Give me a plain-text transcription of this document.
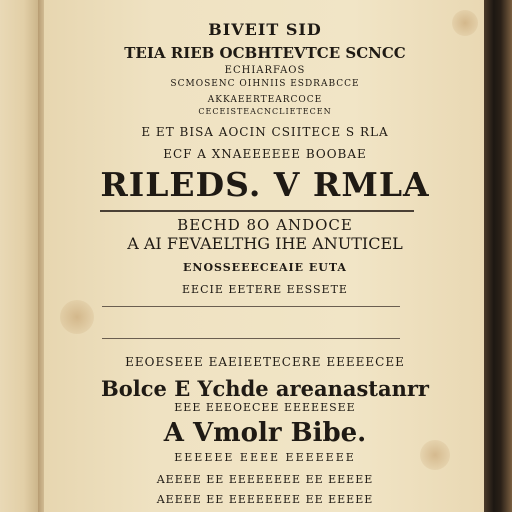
BIVEIT SID
TEIA RIEB OCBHTEVTCE SCNCC
ECHIARFAOS
SCMOSENC OIHNIIS ESDRABCCE
AKKAEERTEARCOCE
CECEISTEACNCLIETECEN
E ET BISA AOCIN CSIITECE S RLA
ECF A XNAEEEEEE BOOBAE
RILEDS. V RMLA
BECHD 8O ANDOCE
A AI FEVAELTHG IHE ANUTICEL
ENOSSEEECEAIE EUTA
EECIE EETERE EESSETE
EEOESEEE EAEIEETECERE EEEEECEE
Bolce E Ychde areanastanrr
EEE EEEOECEE EEEEESEE
A Vmolr Bibe.
EEEEEE EEEE EEEEEEE
AEEEE EE EEEEEEEE EE EEEEE
AEEEE EE EEEEEEEE EE EEEEE
